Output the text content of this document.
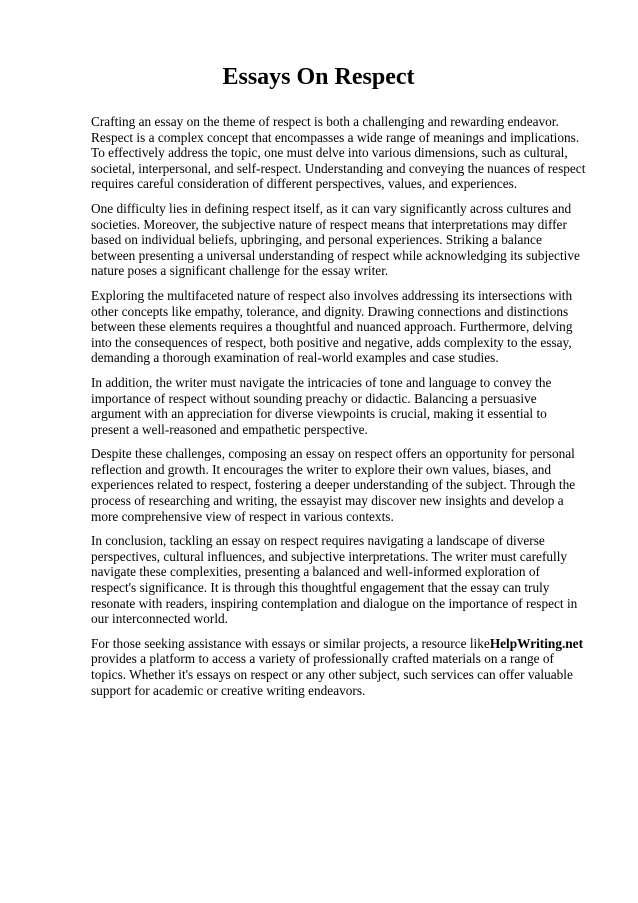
Essays On Respect

Crafting an essay on the theme of respect is both a challenging and rewarding endeavor. Respect is a complex concept that encompasses a wide range of meanings and implications. To effectively address the topic, one must delve into various dimensions, such as cultural, societal, interpersonal, and self-respect. Understanding and conveying the nuances of respect requires careful consideration of different perspectives, values, and experiences.

One difficulty lies in defining respect itself, as it can vary significantly across cultures and societies. Moreover, the subjective nature of respect means that interpretations may differ based on individual beliefs, upbringing, and personal experiences. Striking a balance between presenting a universal understanding of respect while acknowledging its subjective nature poses a significant challenge for the essay writer.

Exploring the multifaceted nature of respect also involves addressing its intersections with other concepts like empathy, tolerance, and dignity. Drawing connections and distinctions between these elements requires a thoughtful and nuanced approach. Furthermore, delving into the consequences of respect, both positive and negative, adds complexity to the essay, demanding a thorough examination of real-world examples and case studies.

In addition, the writer must navigate the intricacies of tone and language to convey the importance of respect without sounding preachy or didactic. Balancing a persuasive argument with an appreciation for diverse viewpoints is crucial, making it essential to present a well-reasoned and empathetic perspective.

Despite these challenges, composing an essay on respect offers an opportunity for personal reflection and growth. It encourages the writer to explore their own values, biases, and experiences related to respect, fostering a deeper understanding of the subject. Through the process of researching and writing, the essayist may discover new insights and develop a more comprehensive view of respect in various contexts.

In conclusion, tackling an essay on respect requires navigating a landscape of diverse perspectives, cultural influences, and subjective interpretations. The writer must carefully navigate these complexities, presenting a balanced and well-informed exploration of respect's significance. It is through this thoughtful engagement that the essay can truly resonate with readers, inspiring contemplation and dialogue on the importance of respect in our interconnected world.

For those seeking assistance with essays or similar projects, a resource likeHelpWriting.net provides a platform to access a variety of professionally crafted materials on a range of topics. Whether it's essays on respect or any other subject, such services can offer valuable support for academic or creative writing endeavors.
